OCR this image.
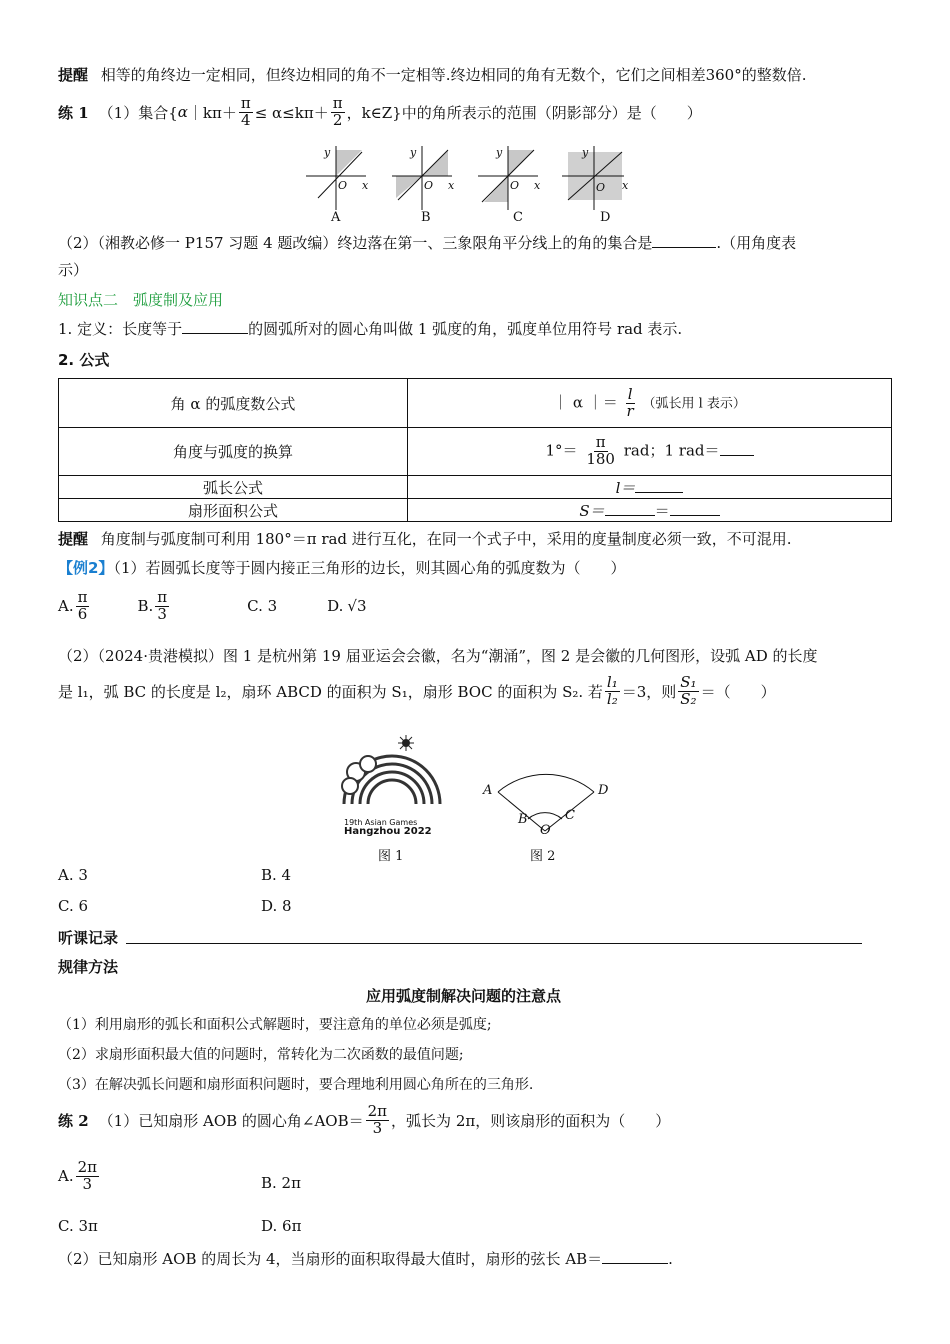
提醒 相等的角终边一定相同，但终边相同的角不一定相等.终边相同的角有无数个，它们之间相差360°的整数倍.
练 1 （1）集合{ α ｜kπ＋ $\frac{\pi}{4} \le \alpha\le k\pi+ \frac{\pi}{2}$ ，k∈Z}中的角所表示的范围（阴影部分）是（　　）
y
x
O
y
x
O
y
x
O
y
x
O
A	B	C	D
（2）（湘教必修一 P157 习题 4 题改编）终边落在第一、三象限角平分线上的角的集合是	.（用角度表
示）
知识点二　弧度制及应用
1. 定义：长度等于	的圆弧所对的圆心角叫做 1 弧度的角，弧度单位用符号 rad 表示.
2. 公式
角 α 的弧度数公式	｜ α ｜＝ $\frac{l}{r}$ （弧长用 l 表示）
角度与弧度的换算	$1^\circ= \frac{\pi}{180}$ rad；1 rad＝
弧长公式	l＝
扇形面积公式	S＝ ＝
提醒 角度制与弧度制可利用 180°＝π rad 进行互化，在同一个式子中，采用的度量制度必须一致，不可混用.
【例2】（1）若圆弧长度等于圆内接正三角形的边长，则其圆心角的弧度数为（　　）
A. $\frac{\pi}{6}$	B. $\frac{\pi}{3}$	C. 3	D. √3
（2）（2024·贵港模拟）图 1 是杭州第 19 届亚运会会徽，名为“潮涌”，图 2 是会徽的几何图形，设弧 AD 的长度
是 l₁，弧 BC 的长度是 l₂，扇环 ABCD 的面积为 S₁，扇形 BOC 的面积为 S₂. 若 $\frac{\text{l₁}}{\text{l₂}} =3$，则 $\frac{\text{S₁}}{\text{S₂}}$ ＝（　　）
19th Asian Games
Hangzhou 2022
A	D
B	C
O
图 1	图 2
A. 3	B. 4
C. 6	D. 8
听课记录
规律方法
应用弧度制解决问题的注意点
（1）利用扇形的弧长和面积公式解题时，要注意角的单位必须是弧度;
（2）求扇形面积最大值的问题时，常转化为二次函数的最值问题;
（3）在解决弧长问题和扇形面积问题时，要合理地利用圆心角所在的三角形.
练 2 （1）已知扇形 AOB 的圆心角∠AOB＝ $\frac{2\pi}{3}$ ，弧长为 2π，则该扇形的面积为（　　）
A. $\frac{2\pi}{3}$	B. 2π
C. 3π	D. 6π
（2）已知扇形 AOB 的周长为 4，当扇形的面积取得最大值时，扇形的弦长 AB＝	.
